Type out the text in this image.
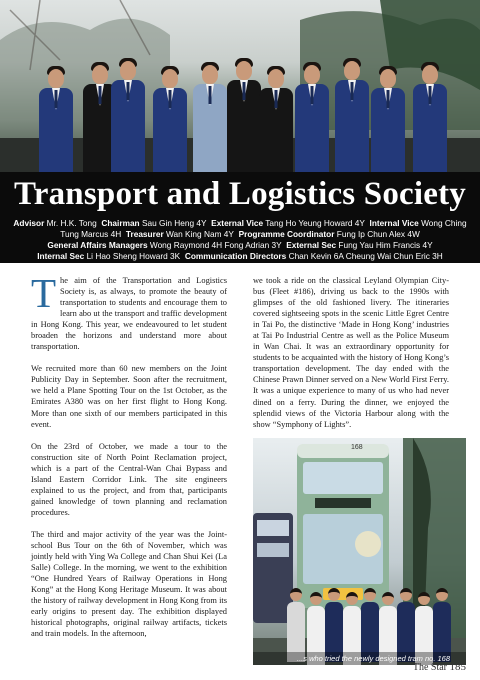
Transport and Logistics Society
Advisor Mr. H.K. Tong Chairman Sau Gin Heng 4Y External Vice Tang Ho Yeung Howard 4Y Internal Vice Wong Ching
Tung Marcus 4H Treasurer Wan King Nam 4Y Programme Coordinator Fung Ip Chun Alex 4W
General Affairs Managers Wong Raymond 4H Fong Adrian 3Y External Sec Fung Yau Him Francis 4Y
Internal Sec Li Hao Sheng Howard 3K Communication Directors Chan Kevin 6A Cheung Wai Chun Eric 3H

The aim of the Transportation and Logistics Society is, as always, to promote the beauty of transportation to students and encourage them to learn abo ut the transport and traffic development in Hong Kong. This year, we endeavoured to let student broaden the horizons and understand more about transportation.

We recruited more than 60 new members on the Joint Publicity Day in September. Soon after the recruitment, we held a Plane Spotting Tour on the 1st October, as the Emirates A380 was on her first flight to Hong Kong. More than one sixth of our members participated in this event.

On the 23rd of October, we made a tour to the construction site of North Point Reclamation project, which is a part of the Central-Wan Chai Bypass and Island Eastern Corridor Link. The site engineers explained to us the project, and from that, participants gained knowledge of town planning and reclamation procedures.

The third and major activity of the year was the Joint-school Bus Tour on the 6th of November, which was jointly held with Ying Wa College and Chan Shui Kei (La Salle) College. In the morning, we went to the exhibition “One Hundred Years of Railway Operations in Hong Kong” at the Hong Kong Heritage Museum. It was about the history of railway development in Hong Kong from its early origins to present day. The exhibition displayed historical photographs, original railway artifacts, tickets and train models. In the afternoon,

we took a ride on the classical Leyland Olympian City-bus (Fleet #186), driving us back to the 1990s with glimpses of the old fashioned livery. The itineraries covered sightseeing spots in the scenic Little Egret Centre in Tai Po, the distinctive ‘Made in Hong Kong’ industries at Tai Po Industrial Centre as well as the Police Museum in Wan Chai. It was an extraordinary opportunity for students to be acquainted with the history of Hong Kong’s transportation development. The day ended with the Chinese Prawn Dinner served on a New World First Ferry. It was a unique experience to many of us who had never dined on a ferry. During the dinner, we enjoyed the splendid views of the Victoria Harbour along with the show “Symphony of Lights”.

168
...s who tried the newly designed tram no. 168
The Star 185
